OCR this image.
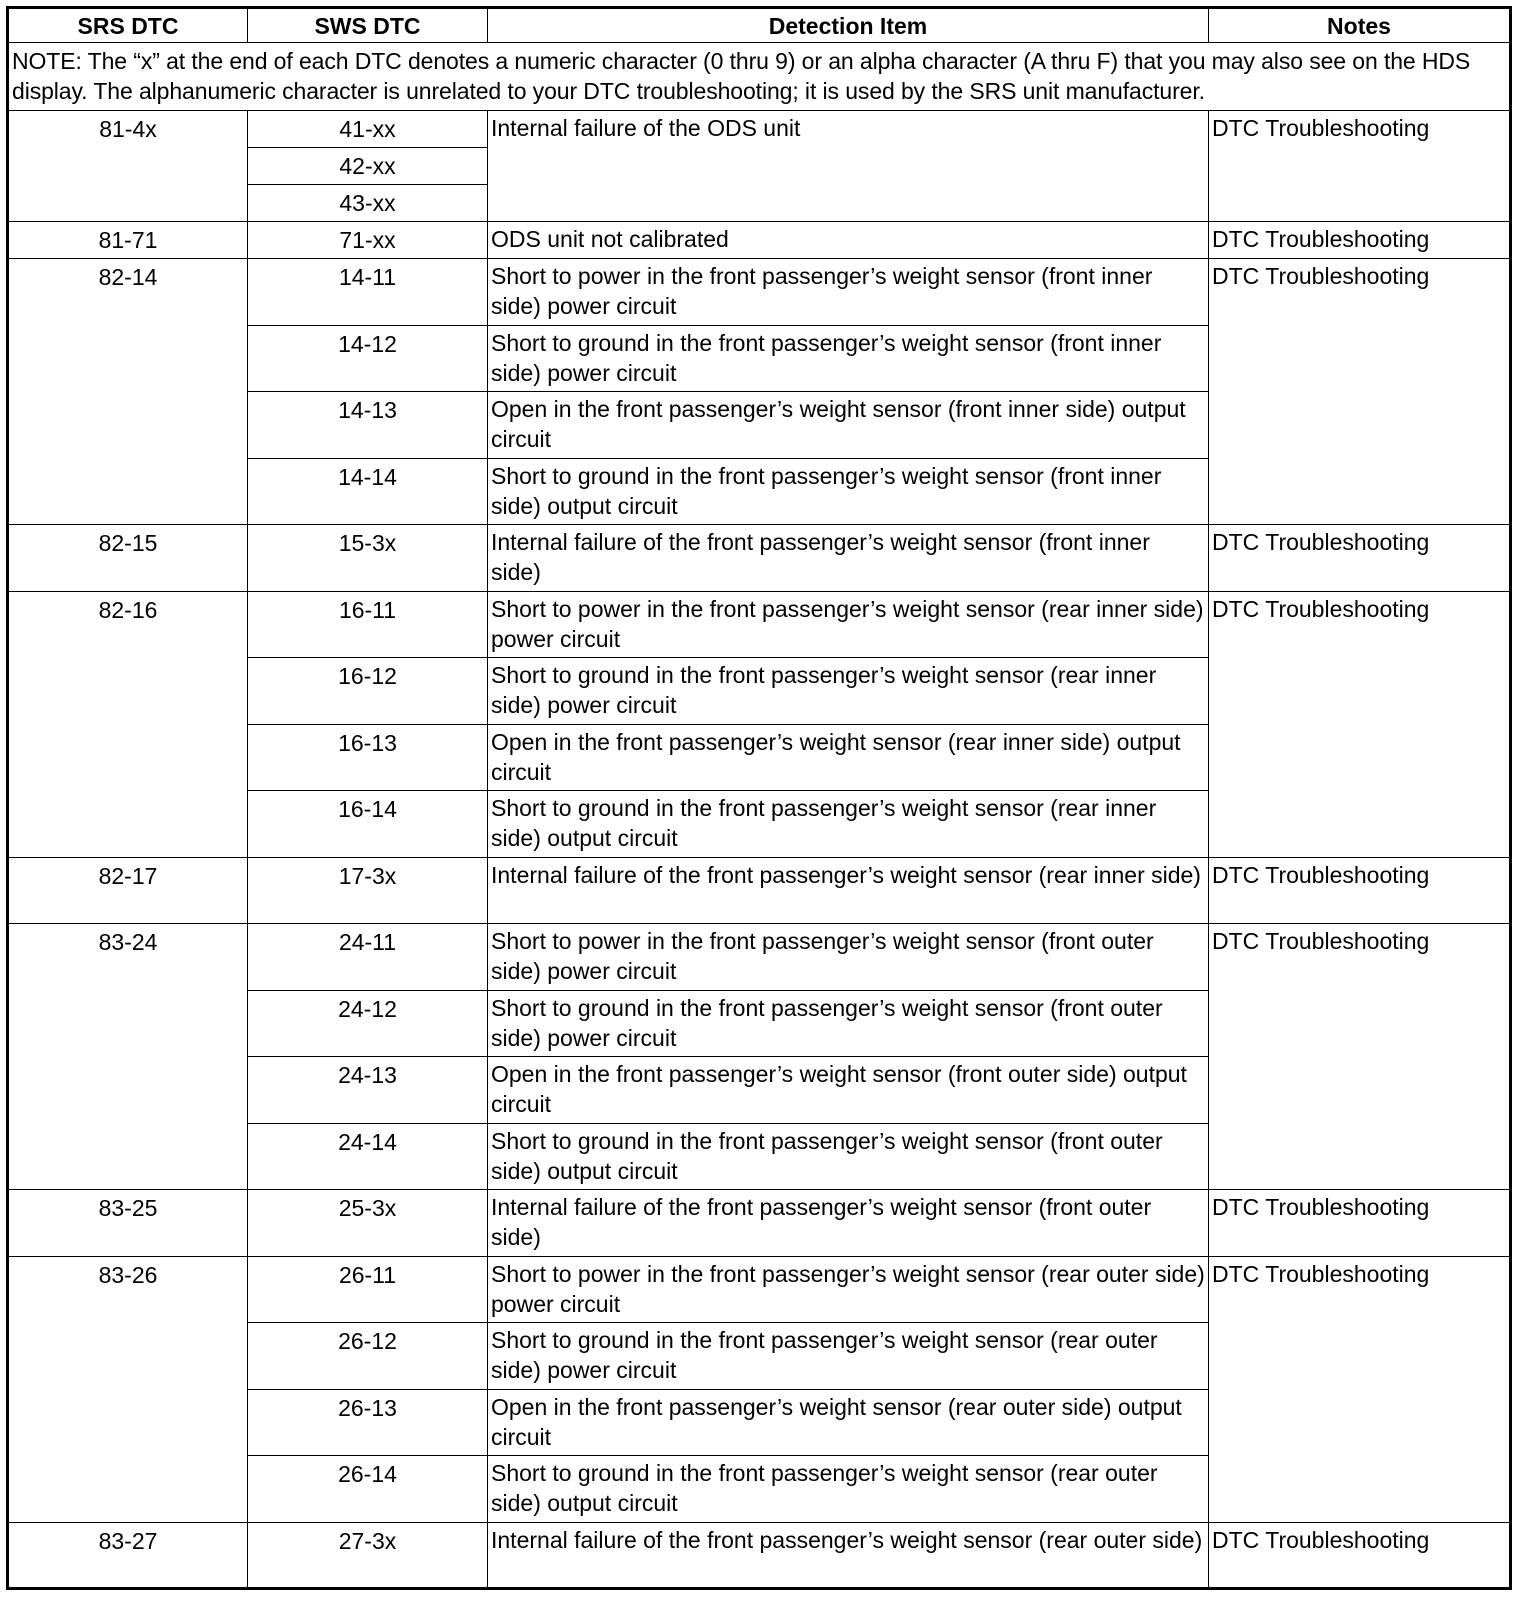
SRS DTC	SWS DTC	Detection Item	Notes
NOTE: The “x” at the end of each DTC denotes a numeric character (0 thru 9) or an alpha character (A thru F) that you may also see on the HDS display. The alphanumeric character is unrelated to your DTC troubleshooting; it is used by the SRS unit manufacturer.			
81-4x	41-xx	Internal failure of the ODS unit	DTC Troubleshooting
	42-xx		
	43-xx		
81-71	71-xx	ODS unit not calibrated	DTC Troubleshooting
82-14	14-11	Short to power in the front passenger’s weight sensor (front inner side) power circuit	DTC Troubleshooting
	14-12	Short to ground in the front passenger’s weight sensor (front inner side) power circuit	
	14-13	Open in the front passenger’s weight sensor (front inner side) output circuit	
	14-14	Short to ground in the front passenger’s weight sensor (front inner side) output circuit	
82-15	15-3x	Internal failure of the front passenger’s weight sensor (front inner side)	DTC Troubleshooting
82-16	16-11	Short to power in the front passenger’s weight sensor (rear inner side) power circuit	DTC Troubleshooting
	16-12	Short to ground in the front passenger’s weight sensor (rear inner side) power circuit	
	16-13	Open in the front passenger’s weight sensor (rear inner side) output circuit	
	16-14	Short to ground in the front passenger’s weight sensor (rear inner side) output circuit	
82-17	17-3x	Internal failure of the front passenger’s weight sensor (rear inner side)	DTC Troubleshooting
83-24	24-11	Short to power in the front passenger’s weight sensor (front outer side) power circuit	DTC Troubleshooting
	24-12	Short to ground in the front passenger’s weight sensor (front outer side) power circuit	
	24-13	Open in the front passenger’s weight sensor (front outer side) output circuit	
	24-14	Short to ground in the front passenger’s weight sensor (front outer side) output circuit	
83-25	25-3x	Internal failure of the front passenger’s weight sensor (front outer side)	DTC Troubleshooting
83-26	26-11	Short to power in the front passenger’s weight sensor (rear outer side) power circuit	DTC Troubleshooting
	26-12	Short to ground in the front passenger’s weight sensor (rear outer side) power circuit	
	26-13	Open in the front passenger’s weight sensor (rear outer side) output circuit	
	26-14	Short to ground in the front passenger’s weight sensor (rear outer side) output circuit	
83-27	27-3x	Internal failure of the front passenger’s weight sensor (rear outer side)	DTC Troubleshooting
